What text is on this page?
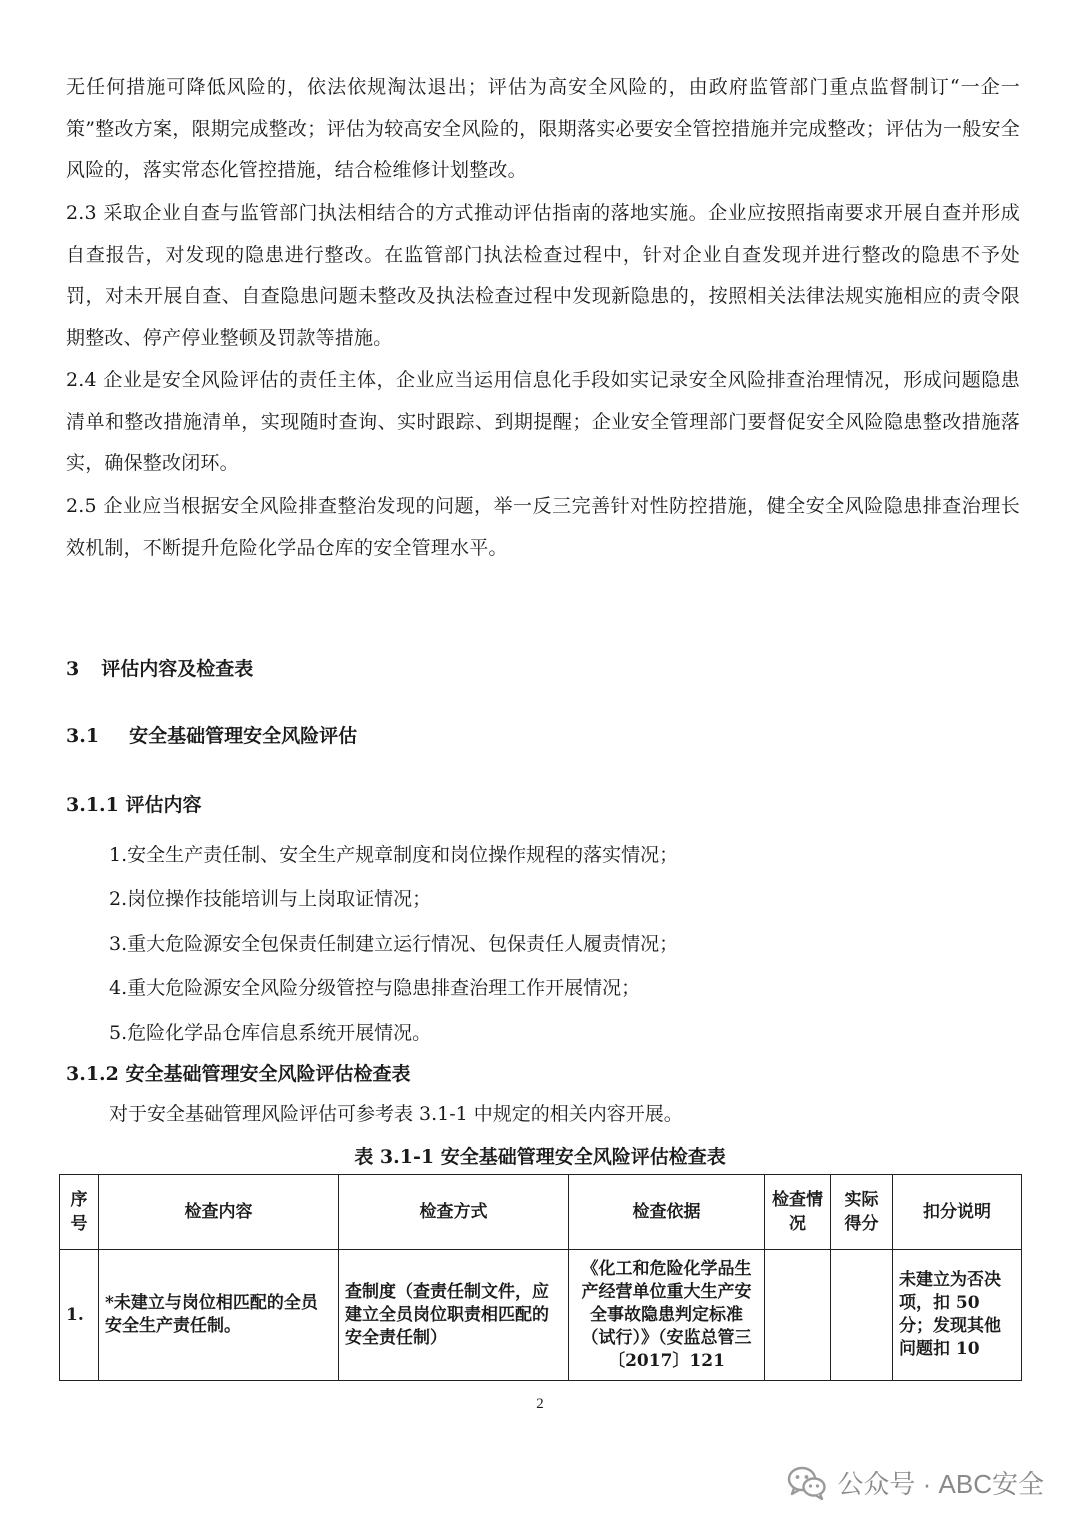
无任何措施可降低风险的，依法依规淘汰退出；评估为高安全风险的，由政府监管部门重点监督制订“一企一策”整改方案，限期完成整改；评估为较高安全风险的，限期落实必要安全管控措施并完成整改；评估为一般安全风险的，落实常态化管控措施，结合检维修计划整改。

2.3 采取企业自查与监管部门执法相结合的方式推动评估指南的落地实施。企业应按照指南要求开展自查并形成自查报告，对发现的隐患进行整改。在监管部门执法检查过程中，针对企业自查发现并进行整改的隐患不予处罚，对未开展自查、自查隐患问题未整改及执法检查过程中发现新隐患的，按照相关法律法规实施相应的责令限期整改、停产停业整顿及罚款等措施。

2.4 企业是安全风险评估的责任主体，企业应当运用信息化手段如实记录安全风险排查治理情况，形成问题隐患清单和整改措施清单，实现随时查询、实时跟踪、到期提醒；企业安全管理部门要督促安全风险隐患整改措施落实，确保整改闭环。

2.5 企业应当根据安全风险排查整治发现的问题，举一反三完善针对性防控措施，健全安全风险隐患排查治理长效机制，不断提升危险化学品仓库的安全管理水平。

3 评估内容及检查表
3.1 安全基础管理安全风险评估
3.1.1 评估内容

1.安全生产责任制、安全生产规章制度和岗位操作规程的落实情况；

2.岗位操作技能培训与上岗取证情况；

3.重大危险源安全包保责任制建立运行情况、包保责任人履责情况；

4.重大危险源安全风险分级管控与隐患排查治理工作开展情况；

5.危险化学品仓库信息系统开展情况。

3.1.2 安全基础管理安全风险评估检查表

对于安全基础管理风险评估可参考表 3.1-1 中规定的相关内容开展。

表 3.1-1 安全基础管理安全风险评估检查表

序号	检查内容	检查方式	检查依据	检查情况	实际得分	扣分说明
1.	*未建立与岗位相匹配的全员安全生产责任制。	查制度（查责任制文件，应建立全员岗位职责相匹配的安全责任制）	《化工和危险化学品生产经营单位重大生产安全事故隐患判定标准（试行）》（安监总管三〔2017〕121			未建立为否决项，扣 50 分；发现其他问题扣 10

2

公众号 · ABC安全
